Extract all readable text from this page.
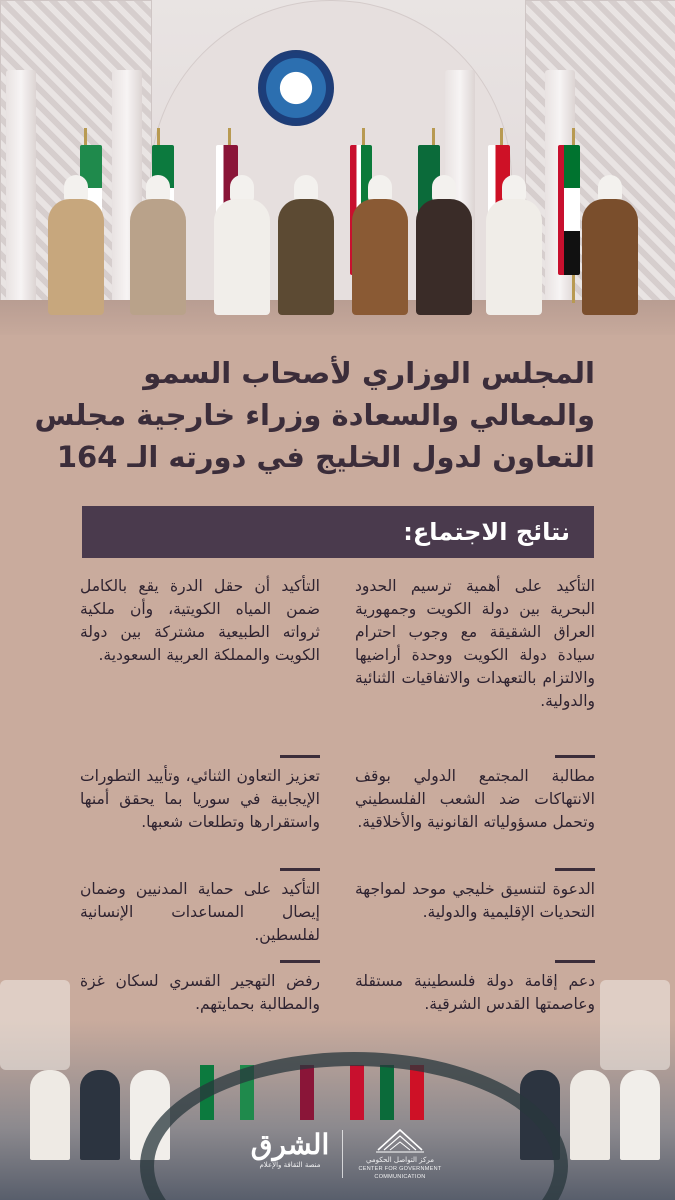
المجلس الوزاري لأصحاب السمو
والمعالي والسعادة وزراء خارجية مجلس
التعاون لدول الخليج في دورته الـ 164
نتائج الاجتماع:
التأكيد على أهمية ترسيم الحدود البحرية بين دولة الكويت وجمهورية العراق الشقيقة مع وجوب احترام سيادة دولة الكويت ووحدة أراضيها والالتزام بالتعهدات والاتفاقيات الثنائية والدولية.
التأكيد أن حقل الدرة يقع بالكامل ضمن المياه الكويتية، وأن ملكية ثرواته الطبيعية مشتركة بين دولة الكويت والمملكة العربية السعودية.
مطالبة المجتمع الدولي بوقف الانتهاكات ضد الشعب الفلسطيني وتحمل مسؤولياته القانونية والأخلاقية.
تعزيز التعاون الثنائي، وتأييد التطورات الإيجابية في سوريا بما يحقق أمنها واستقرارها وتطلعات شعبها.
الدعوة لتنسيق خليجي موحد لمواجهة التحديات الإقليمية والدولية.
التأكيد على حماية المدنيين وضمان إيصال المساعدات الإنسانية لفلسطين.
دعم إقامة دولة فلسطينية مستقلة وعاصمتها القدس الشرقية.
رفض التهجير القسري لسكان غزة والمطالبة بحمايتهم.
الشرق
منصة الثقافة والإعلام
مركز التواصل الحكومي
CENTER FOR GOVERNMENT COMMUNICATION
